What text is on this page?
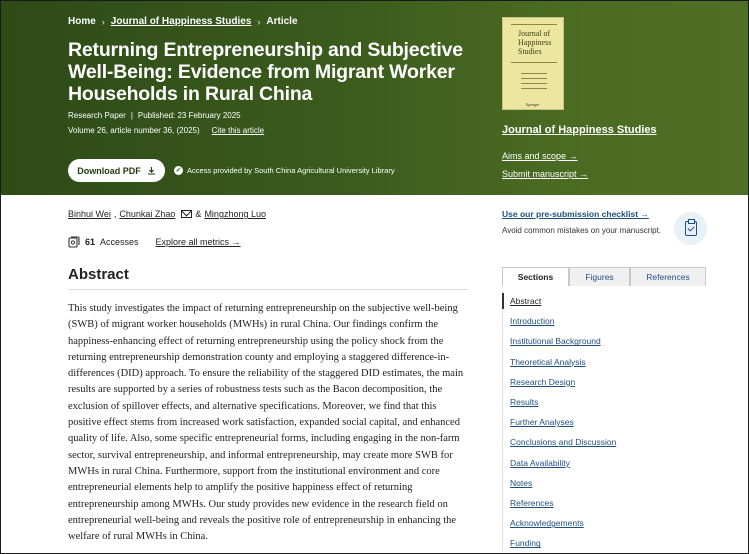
Home › Journal of Happiness Studies › Article
Returning Entrepreneurship and Subjective Well-Being: Evidence from Migrant Worker Households in Rural China
Research Paper | Published: 23 February 2025
Volume 26, article number 36, (2025) Cite this article
Download PDF	✓ Access provided by South China Agricultural University Library
Journal of Happiness Studies
Springer
Journal of Happiness Studies
Aims and scope →
Submit manuscript →
Binhui Wei , Chunkai Zhao & Mingzhong Luo
61 Accesses Explore all metrics →
Abstract

This study investigates the impact of returning entrepreneurship on the subjective well-being (SWB) of migrant worker households (MWHs) in rural China. Our findings confirm the happiness-enhancing effect of returning entrepreneurship using the policy shock from the returning entrepreneurship demonstration county and employing a staggered difference-in-differences (DID) approach. To ensure the reliability of the staggered DID estimates, the main results are supported by a series of robustness tests such as the Bacon decomposition, the exclusion of spillover effects, and alternative specifications. Moreover, we find that this positive effect stems from increased work satisfaction, expanded social capital, and enhanced quality of life. Also, some specific entrepreneurial forms, including engaging in the non-farm sector, survival entrepreneurship, and informal entrepreneurship, may create more SWB for MWHs in rural China. Furthermore, support from the institutional environment and core entrepreneurial elements help to amplify the positive happiness effect of returning entrepreneurship among MWHs. Our study provides new evidence in the research field on entrepreneurial well-being and reveals the positive role of entrepreneurship in enhancing the welfare of rural MWHs in China.

Use our pre-submission checklist →
Avoid common mistakes on your manuscript.
Sections	Figures	References
Abstract
Introduction
Institutional Background
Theoretical Analysis
Research Design
Results
Further Analyses
Conclusions and Discussion
Data Availability
Notes
References
Acknowledgements
Funding
